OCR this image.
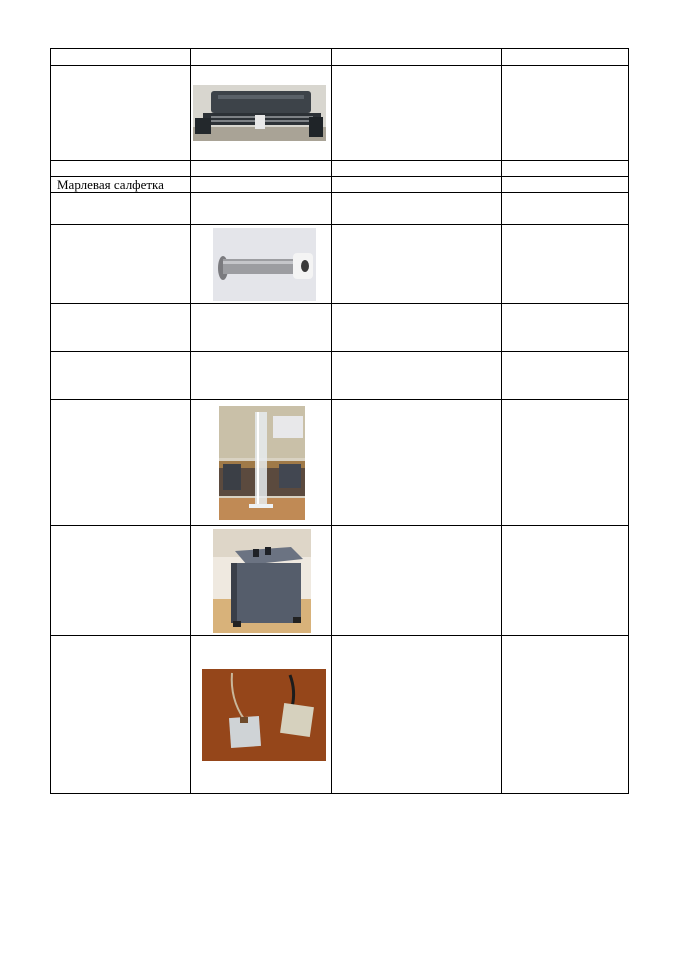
Марлевая салфетка			
